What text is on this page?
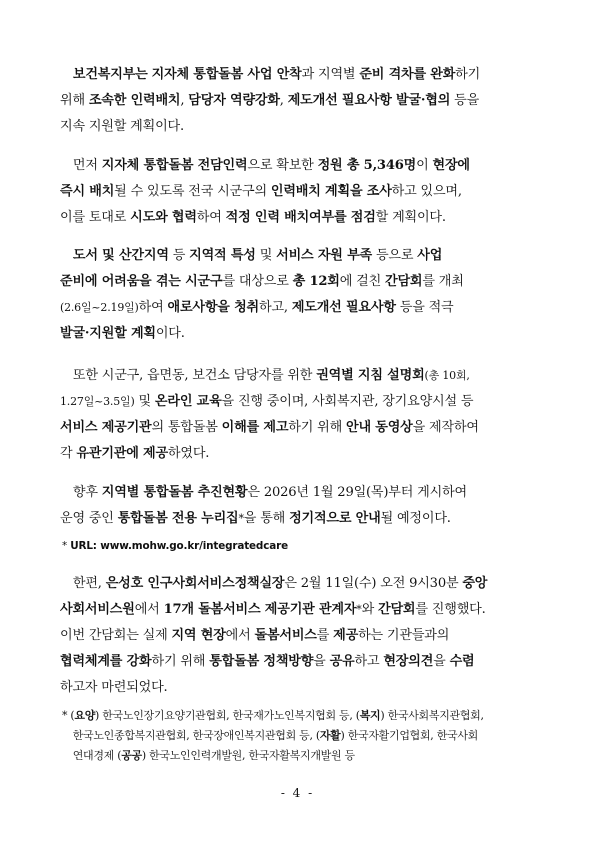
　보건복지부는 지자체 통합돌봄 사업 안착과 지역별 준비 격차를 완화하기
위해 조속한 인력배치, 담당자 역량강화, 제도개선 필요사항 발굴·협의 등을
지속 지원할 계획이다.
　먼저 지자체 통합돌봄 전담인력으로 확보한 정원 총 5,346명이 현장에
즉시 배치될 수 있도록 전국 시군구의 인력배치 계획을 조사하고 있으며,
이를 토대로 시도와 협력하여 적정 인력 배치여부를 점검할 계획이다.
　도서 및 산간지역 등 지역적 특성 및 서비스 자원 부족 등으로 사업
준비에 어려움을 겪는 시군구를 대상으로 총 12회에 걸친 간담회를 개최
(2.6일~2.19일)하여 애로사항을 청취하고, 제도개선 필요사항 등을 적극
발굴·지원할 계획이다.
　또한 시군구, 읍면동, 보건소 담당자를 위한 권역별 지침 설명회(총 10회,
1.27일~3.5일) 및 온라인 교육을 진행 중이며, 사회복지관, 장기요양시설 등
서비스 제공기관의 통합돌봄 이해를 제고하기 위해 안내 동영상을 제작하여
각 유관기관에 제공하였다.
　향후 지역별 통합돌봄 추진현황은 2026년 1월 29일(목)부터 게시하여
운영 중인 통합돌봄 전용 누리집*을 통해 정기적으로 안내될 예정이다.
* URL: www.mohw.go.kr/integratedcare
　한편, 은성호 인구사회서비스정책실장은 2월 11일(수) 오전 9시30분 중앙
사회서비스원에서 17개 돌봄서비스 제공기관 관계자*와 간담회를 진행했다.
이번 간담회는 실제 지역 현장에서 돌봄서비스를 제공하는 기관들과의
협력체계를 강화하기 위해 통합돌봄 정책방향을 공유하고 현장의견을 수렴
하고자 마련되었다.
* (요양) 한국노인장기요양기관협회, 한국재가노인복지협회 등, (복지) 한국사회복지관협회,
　한국노인종합복지관협회, 한국장애인복지관협회 등, (자활) 한국자활기업협회, 한국사회
　연대경제 (공공) 한국노인인력개발원, 한국자활복지개발원 등
- 4 -
